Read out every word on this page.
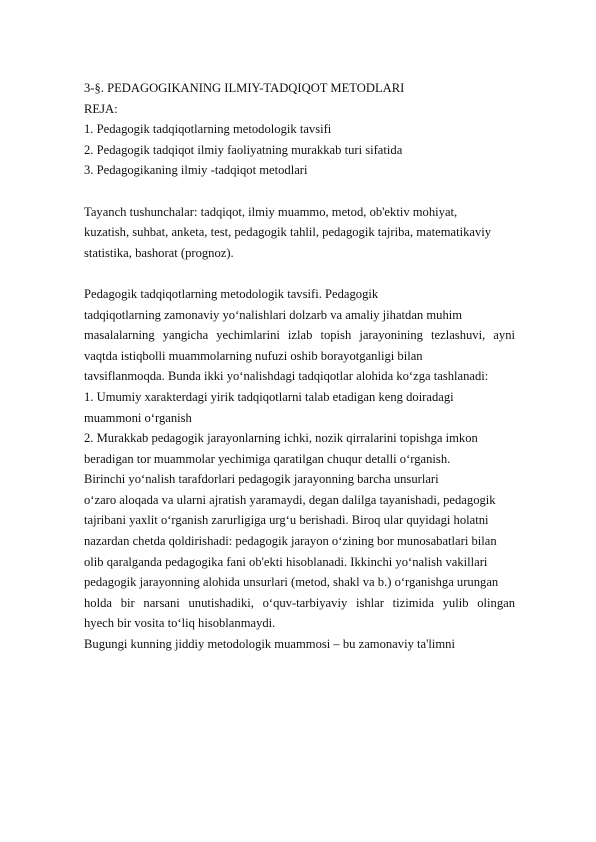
3-§. PEDAGOGIKANING ILMIY-TADQIQOT METODLARI
REJA:
1. Pedagogik tadqiqotlarning metodologik tavsifi
2. Pedagogik tadqiqot ilmiy faoliyatning murakkab turi sifatida
3. Pedagogikaning ilmiy -tadqiqot metodlari
Tayanch tushunchalar: tadqiqot, ilmiy muammo, metod, ob'ektiv mohiyat,
kuzatish, suhbat, anketa, test, pedagogik tahlil, pedagogik tajriba, matematikaviy
statistika, bashorat (prognoz).
Pedagogik tadqiqotlarning metodologik tavsifi. Pedagogik
tadqiqotlarning zamonaviy yo‘nalishlari dolzarb va amaliy jihatdan muhim
masalalarning yangicha yechimlarini izlab topish jarayonining tezlashuvi, ayni
vaqtda istiqbolli muammolarning nufuzi oshib borayotganligi bilan
tavsiflanmoqda. Bunda ikki yo‘nalishdagi tadqiqotlar alohida ko‘zga tashlanadi:
1. Umumiy xarakterdagi yirik tadqiqotlarni talab etadigan keng doiradagi
muammoni o‘rganish
2. Murakkab pedagogik jarayonlarning ichki, nozik qirralarini topishga imkon
beradigan tor muammolar yechimiga qaratilgan chuqur detalli o‘rganish.
Birinchi yo‘nalish tarafdorlari pedagogik jarayonning barcha unsurlari
o‘zaro aloqada va ularni ajratish yaramaydi, degan dalilga tayanishadi, pedagogik
tajribani yaxlit o‘rganish zarurligiga urg‘u berishadi. Biroq ular quyidagi holatni
nazardan chetda qoldirishadi: pedagogik jarayon o‘zining bor munosabatlari bilan
olib qaralganda pedagogika fani ob'ekti hisoblanadi. Ikkinchi yo‘nalish vakillari
pedagogik jarayonning alohida unsurlari (metod, shakl va b.) o‘rganishga urungan
holda bir narsani unutishadiki, o‘quv-tarbiyaviy ishlar tizimida yulib olingan
hyech bir vosita to‘liq hisoblanmaydi.
Bugungi kunning jiddiy metodologik muammosi – bu zamonaviy ta'limni
